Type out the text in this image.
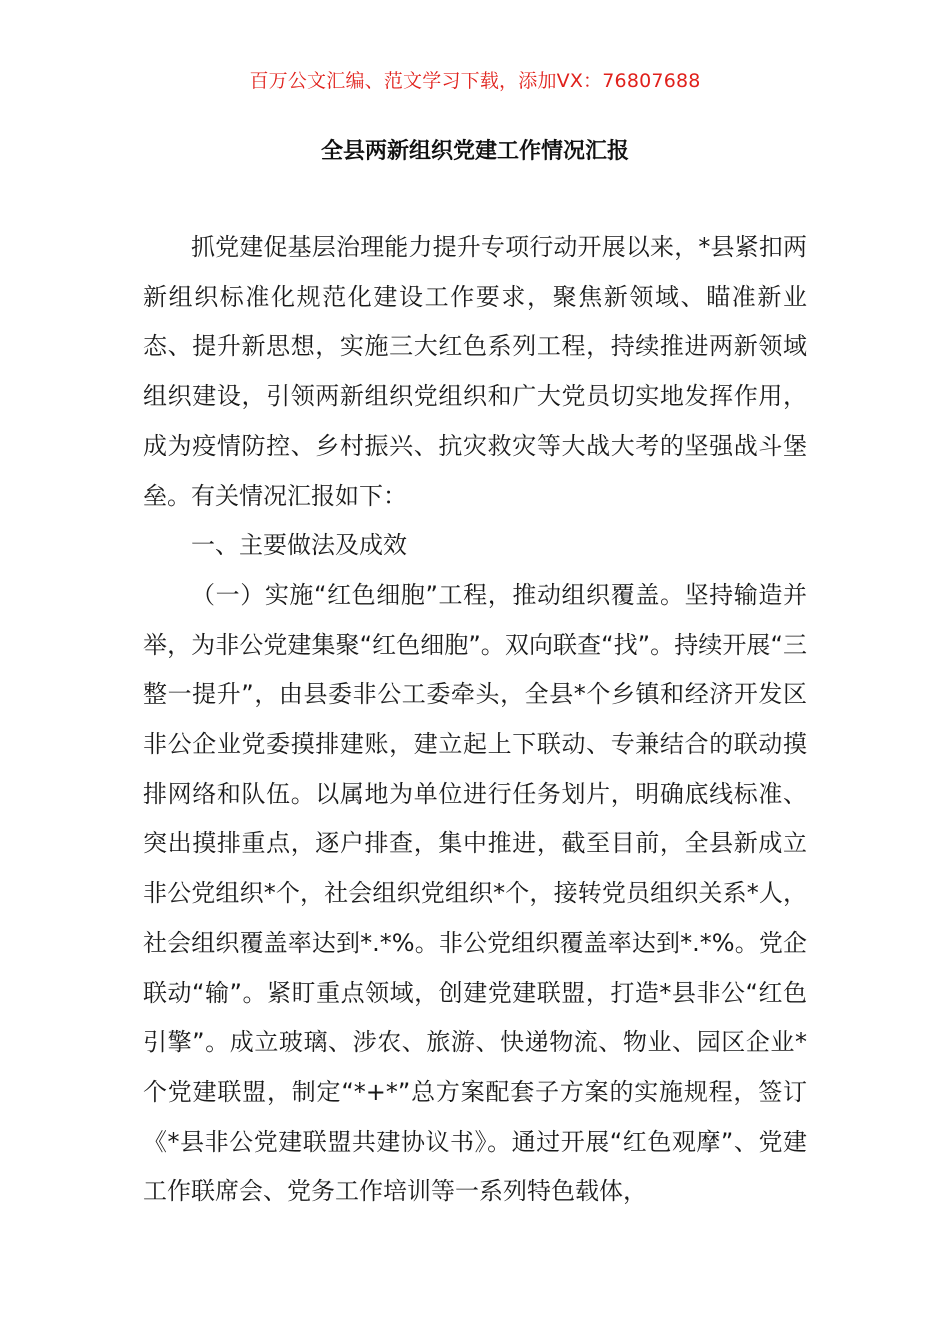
百万公文汇编、范文学习下载，添加VX：76807688
全县两新组织党建工作情况汇报

抓党建促基层治理能力提升专项行动开展以来，*县紧扣两新组织标准化规范化建设工作要求，聚焦新领域、瞄准新业态、提升新思想，实施三大红色系列工程，持续推进两新领域组织建设，引领两新组织党组织和广大党员切实地发挥作用，成为疫情防控、乡村振兴、抗灾救灾等大战大考的坚强战斗堡垒。有关情况汇报如下：

一、主要做法及成效

（一）实施“红色细胞”工程，推动组织覆盖。坚持输造并举，为非公党建集聚“红色细胞”。双向联查“找”。持续开展“三整一提升”，由县委非公工委牵头，全县*个乡镇和经济开发区非公企业党委摸排建账，建立起上下联动、专兼结合的联动摸排网络和队伍。以属地为单位进行任务划片，明确底线标准、突出摸排重点，逐户排查，集中推进，截至目前，全县新成立非公党组织*个，社会组织党组织*个，接转党员组织关系*人，社会组织覆盖率达到*.*%。非公党组织覆盖率达到*.*%。党企联动“输”。紧盯重点领域，创建党建联盟，打造*县非公“红色引擎”。成立玻璃、涉农、旅游、快递物流、物业、园区企业*个党建联盟，制定“*+*”总方案配套子方案的实施规程，签订《*县非公党建联盟共建协议书》。通过开展“红色观摩”、党建工作联席会、党务工作培训等一系列特色载体，
